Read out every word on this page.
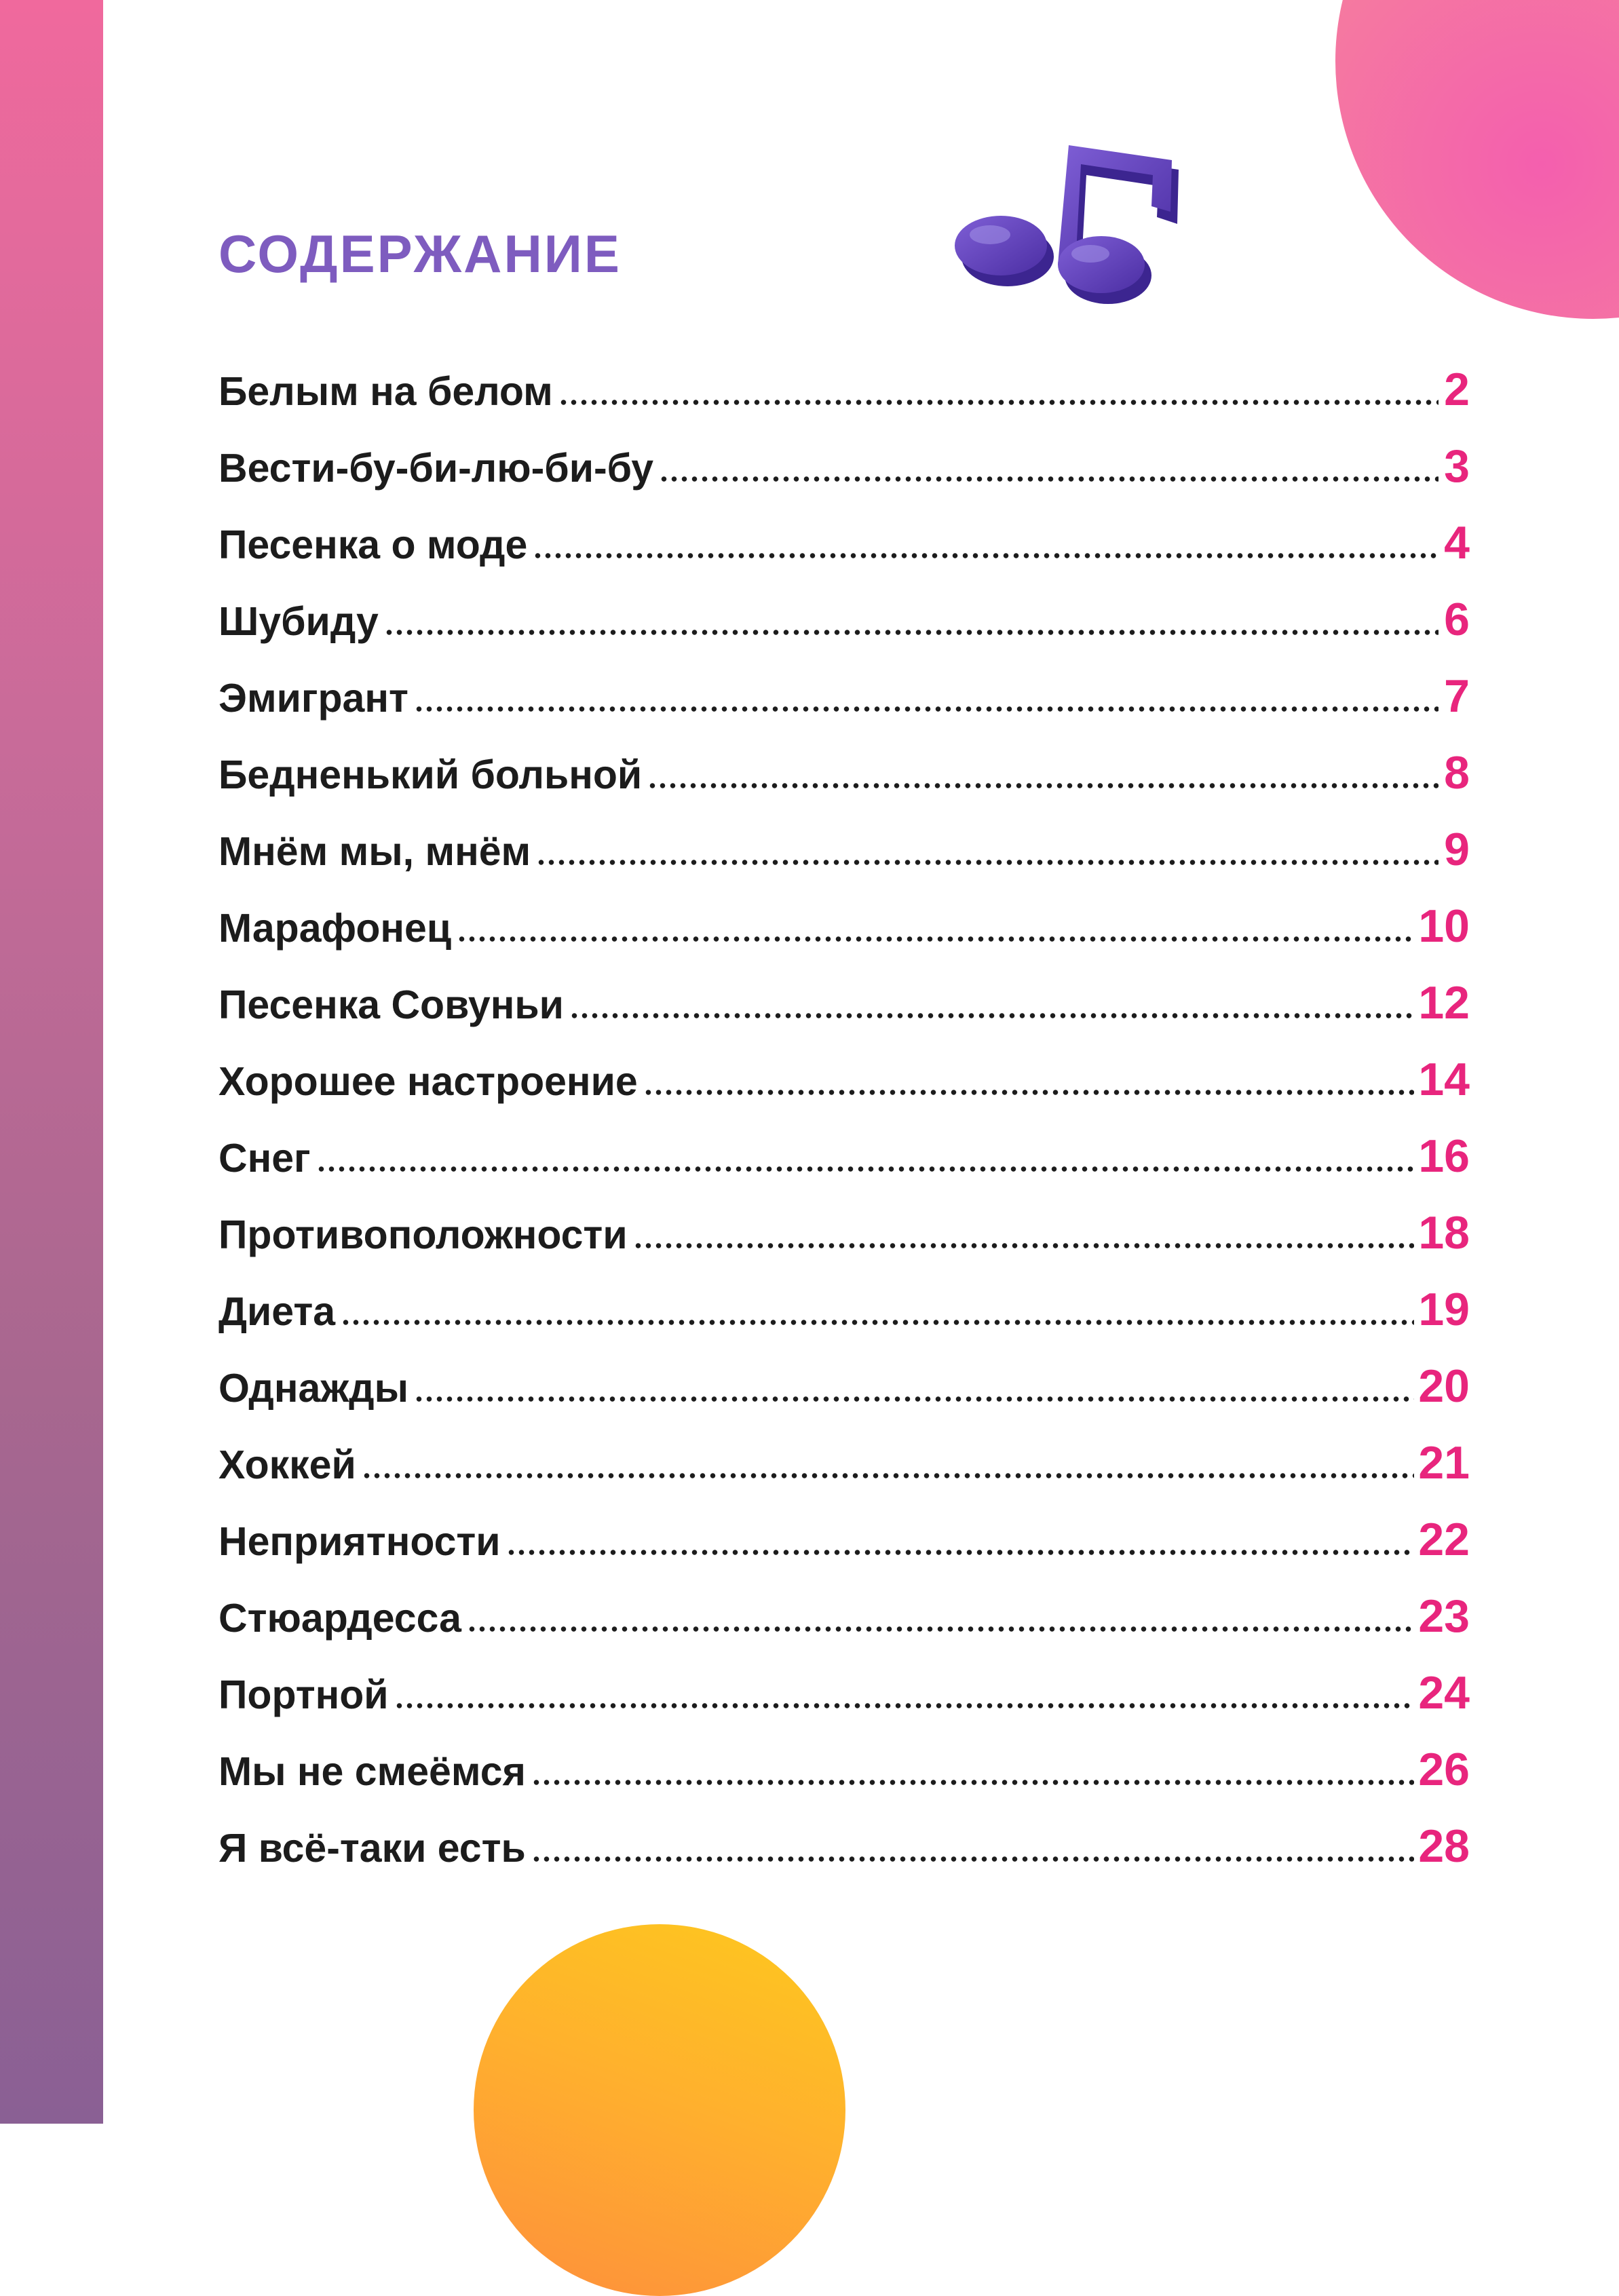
СОДЕРЖАНИЕ
Белым на белом	2
Вести-бу-би-лю-би-бу	3
Песенка о моде	4
Шубиду	6
Эмигрант	7
Бедненький больной	8
Мнём мы, мнём	9
Марафонец	10
Песенка Совуньи	12
Хорошее настроение	14
Снег	16
Противоположности	18
Диета	19
Однажды	20
Хоккей	21
Неприятности	22
Стюардесса	23
Портной	24
Мы не смеёмся	26
Я всё-таки есть	28
